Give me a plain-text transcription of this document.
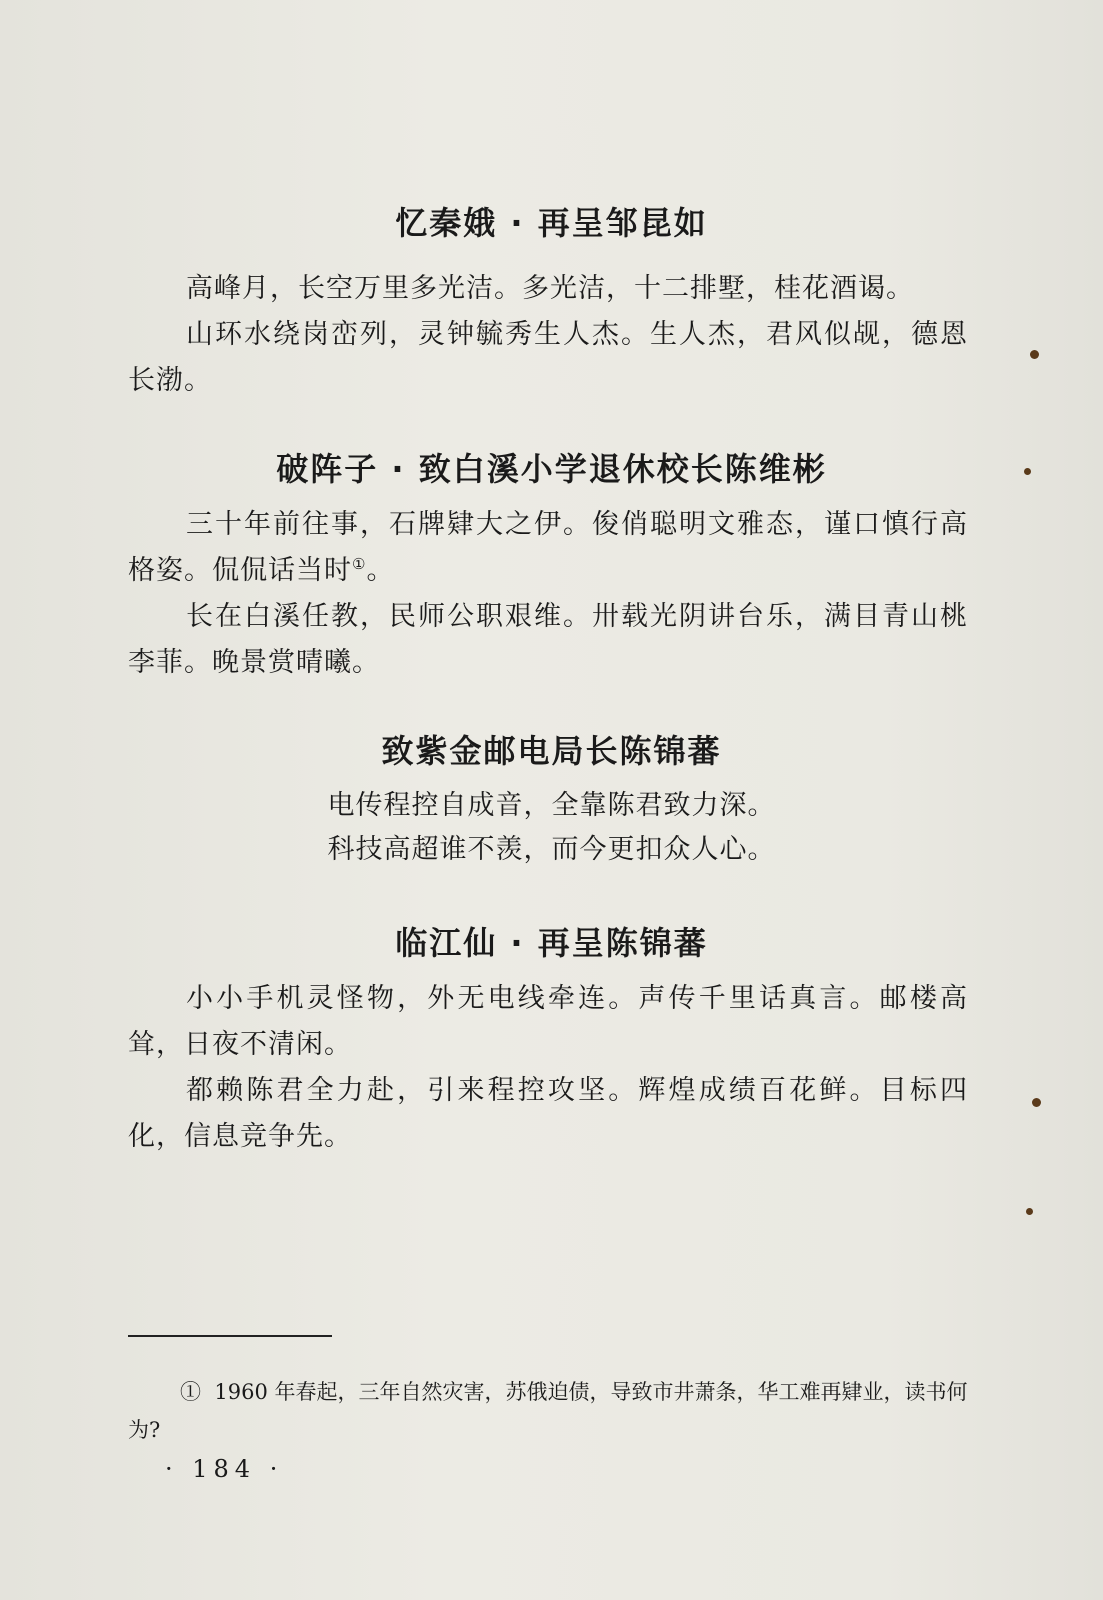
忆秦娥 · 再呈邹昆如
高峰月，长空万里多光洁。多光洁，十二排墅，桂花酒谒。
山环水绕岗峦列，灵钟毓秀生人杰。生人杰，君风似觇，德恩长渤。
破阵子 · 致白溪小学退休校长陈维彬
三十年前往事，石牌肄大之伊。俊俏聪明文雅态，谨口慎行高格姿。侃侃话当时①。
长在白溪任教，民师公职艰维。卅载光阴讲台乐，满目青山桃李菲。晚景赏晴曦。
致紫金邮电局长陈锦蕃
电传程控自成音，全靠陈君致力深。
科技高超谁不羡，而今更扣众人心。
临江仙 · 再呈陈锦蕃
小小手机灵怪物，外无电线牵连。声传千里话真言。邮楼高耸，日夜不清闲。
都赖陈君全力赴，引来程控攻坚。辉煌成绩百花鲜。目标四化，信息竞争先。
① 1960 年春起，三年自然灾害，苏俄迫债，导致市井萧条，华工难再肄业，读书何为?
· 184 ·
